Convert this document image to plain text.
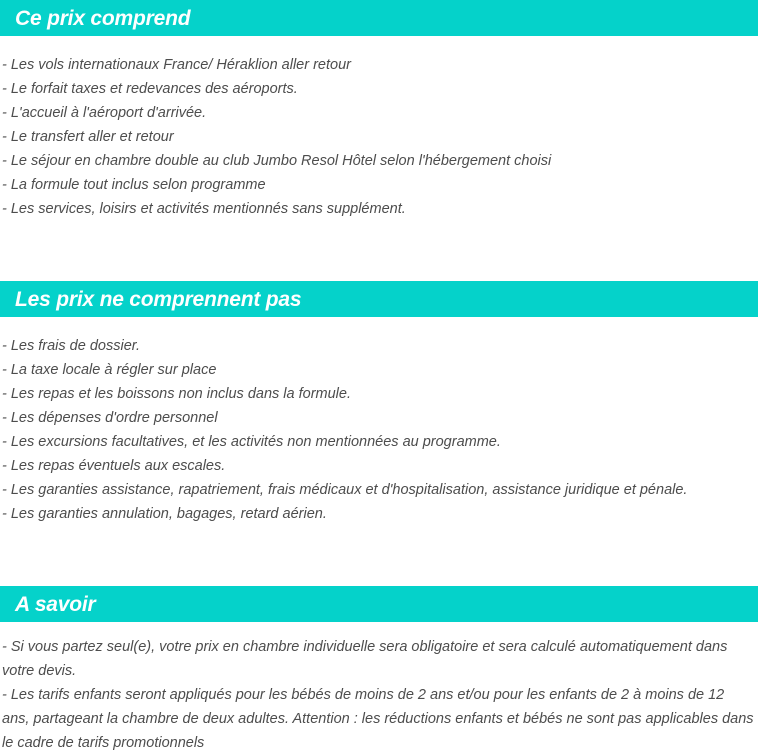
Ce prix comprend
- Les vols internationaux France/ Héraklion aller retour
- Le forfait taxes et redevances des aéroports.
- L'accueil à l'aéroport d'arrivée.
- Le transfert aller et retour
- Le séjour en chambre double au club Jumbo Resol Hôtel selon l'hébergement choisi
- La formule tout inclus selon programme
- Les services, loisirs et activités mentionnés sans supplément.
Les prix ne comprennent pas
- Les frais de dossier.
- La taxe locale à régler sur place
- Les repas et les boissons non inclus dans la formule.
- Les dépenses d'ordre personnel
- Les excursions facultatives, et les activités non mentionnées au programme.
- Les repas éventuels aux escales.
- Les garanties assistance, rapatriement, frais médicaux et d'hospitalisation, assistance juridique et pénale.
- Les garanties annulation, bagages, retard aérien.
A savoir
- Si vous partez seul(e), votre prix en chambre individuelle sera obligatoire et sera calculé automatiquement dans votre devis.
- Les tarifs enfants seront appliqués pour les bébés de moins de 2 ans et/ou pour les enfants de 2 à moins de 12 ans, partageant la chambre de deux adultes. Attention : les réductions enfants et bébés ne sont pas applicables dans le cadre de tarifs promotionnels
